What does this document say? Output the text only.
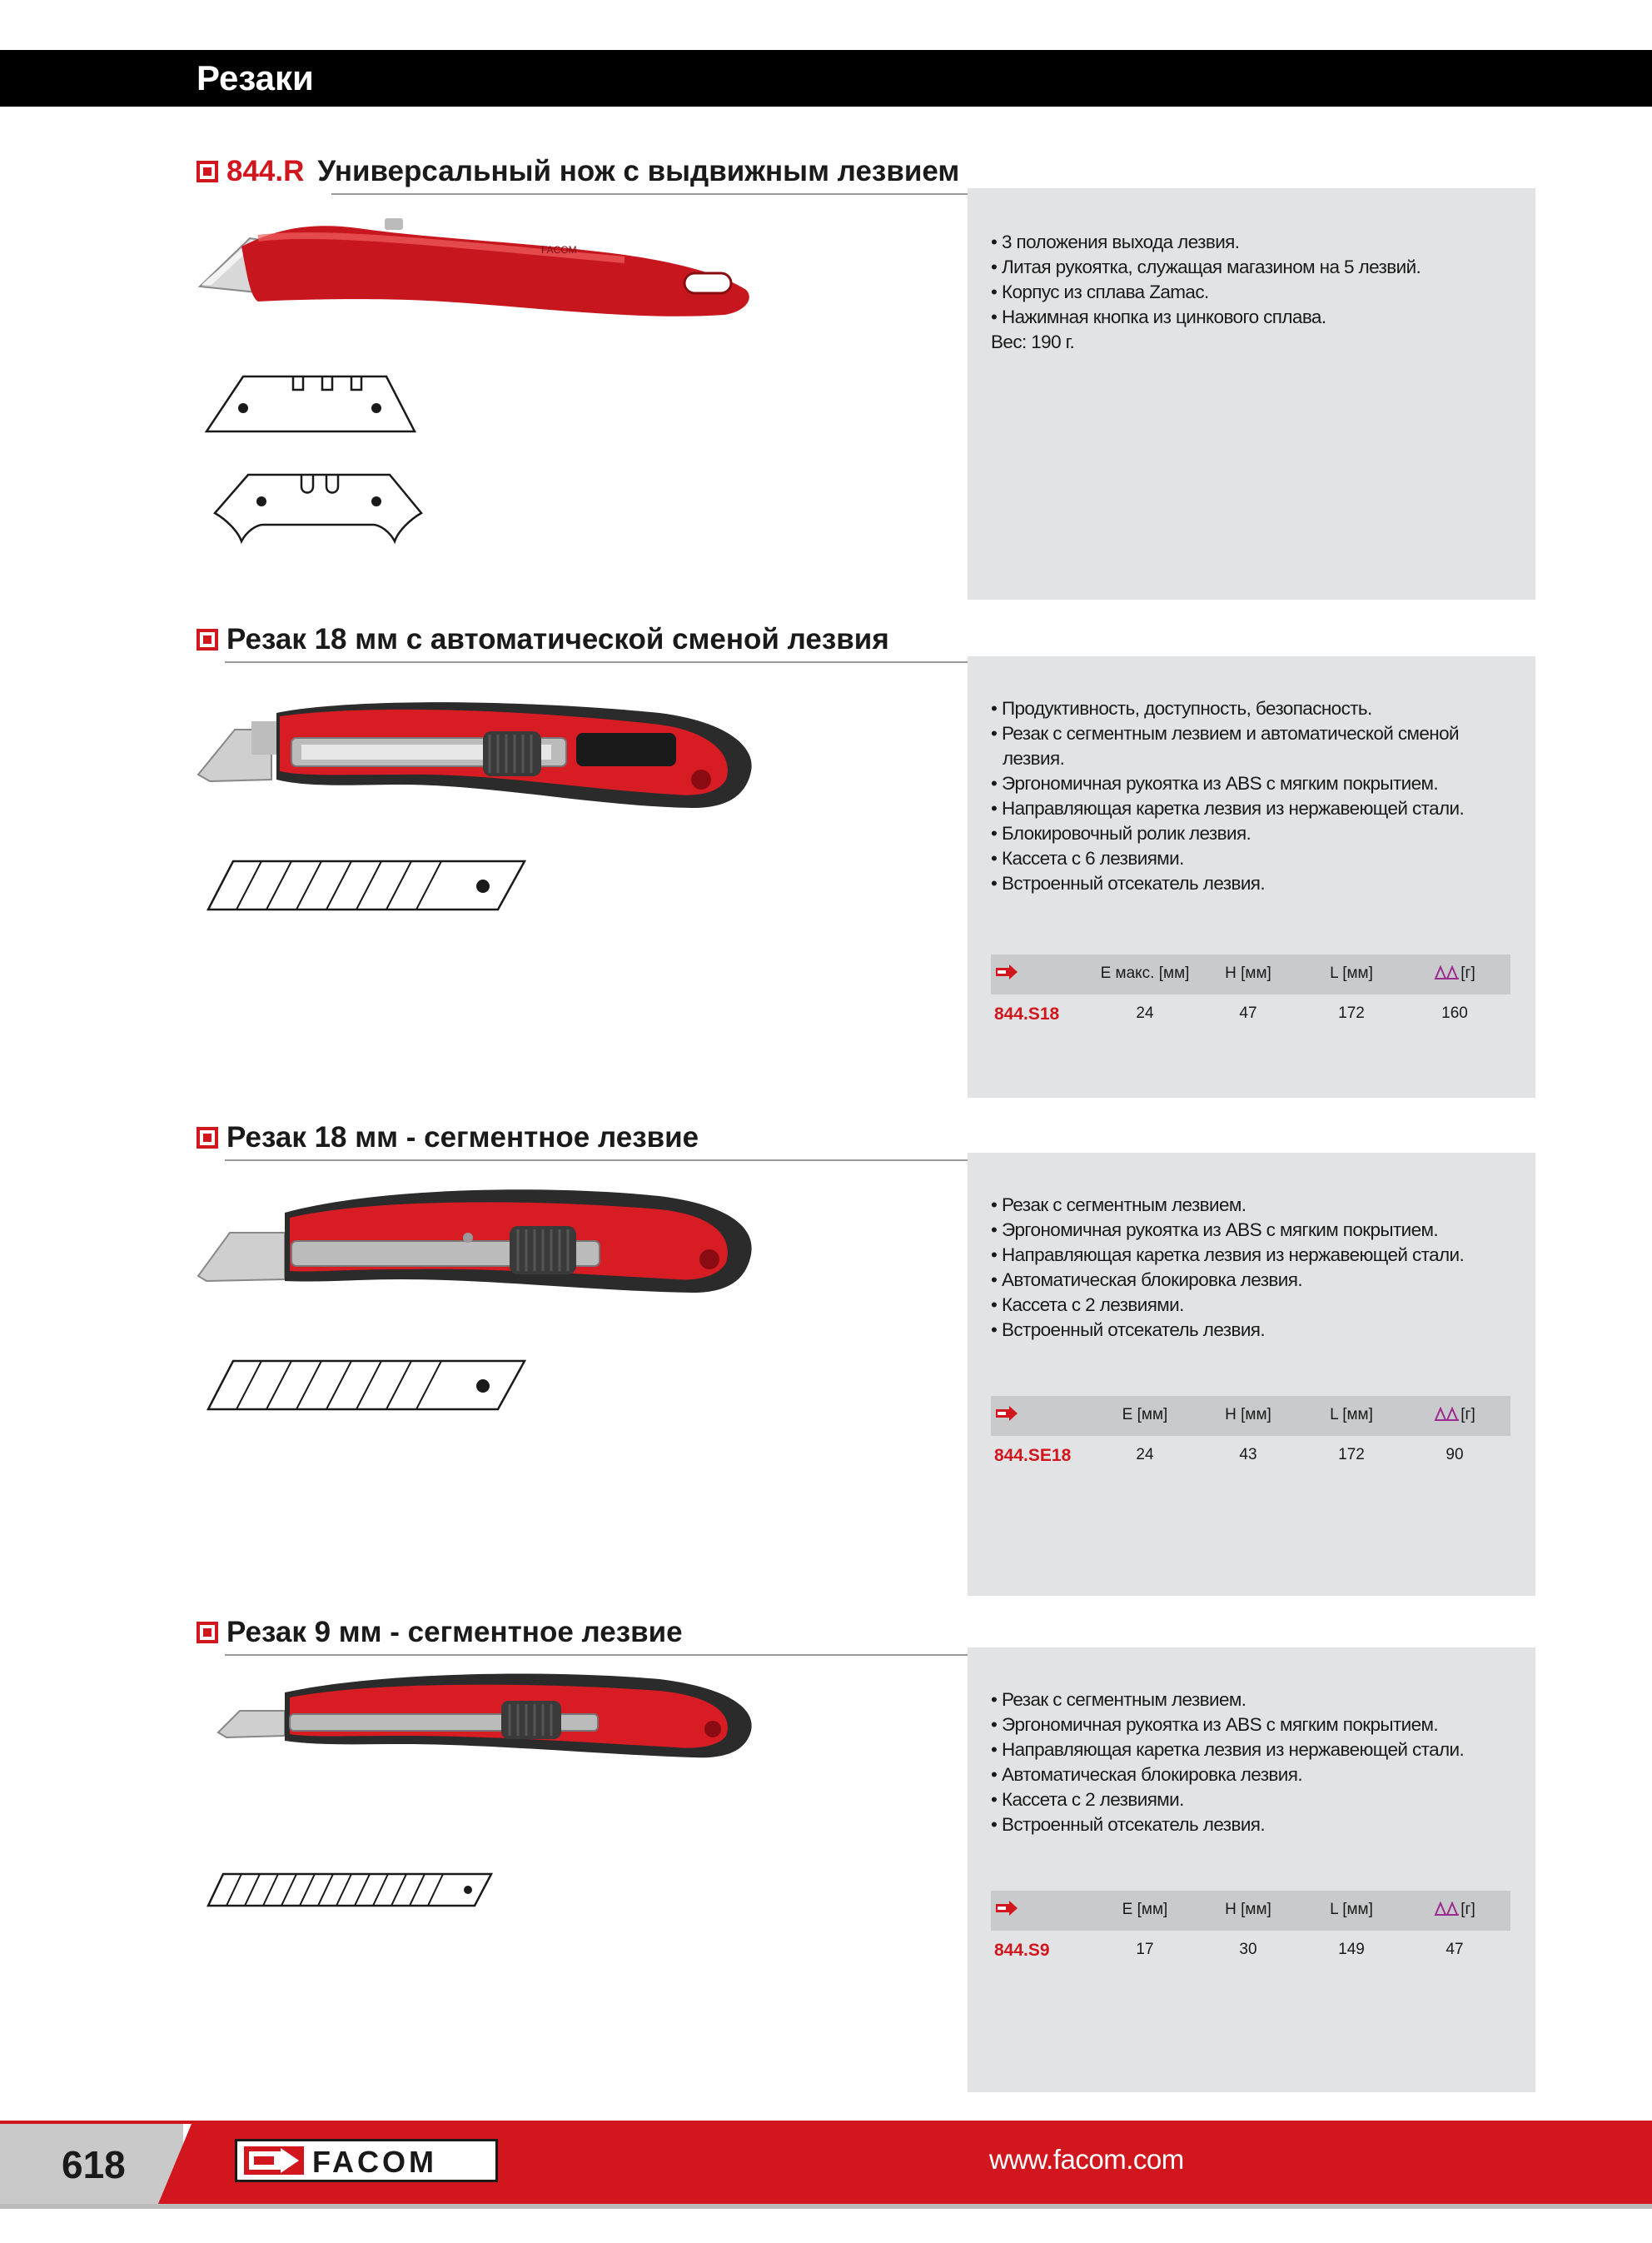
Резаки
844.R Универсальный нож с выдвижным лезвием
FACOM
•	3 положения выхода лезвия.
• Литая рукоятка, служащая магазином на 5 лезвий.
• Корпус из сплава Zamac.
• Нажимная кнопка из цинкового сплава.
Вес: 190 г.
Резак 18 мм с автоматической сменой лезвия
• Продуктивность, доступность, безопасность.
• Резак с сегментным лезвием и автоматической сменой лезвия.
• Эргономичная рукоятка из ABS с мягким покрытием.
• Направляющая каретка лезвия из нержавеющей стали.
• Блокировочный ролик лезвия.
• Кассета с 6 лезвиями.
• Встроенный отсекатель лезвия.
E макс. [мм]	H [мм]	L [мм]	[г]
844.S18	24	47	172	160
Резак 18 мм - сегментное лезвие
• Резак с сегментным лезвием.
• Эргономичная рукоятка из ABS с мягким покрытием.
• Направляющая каретка лезвия из нержавеющей стали.
• Автоматическая блокировка лезвия.
• Кассета с 2 лезвиями.
• Встроенный отсекатель лезвия.
E [мм]	H [мм]	L [мм]	[г]
844.SE18	24	43	172	90
Резак 9 мм - сегментное лезвие
• Резак с сегментным лезвием.
• Эргономичная рукоятка из ABS с мягким покрытием.
• Направляющая каретка лезвия из нержавеющей стали.
• Автоматическая блокировка лезвия.
• Кассета с 2 лезвиями.
• Встроенный отсекатель лезвия.
E [мм]	H [мм]	L [мм]	[г]
844.S9	17	30	149	47
618	FACOM	www.facom.com
